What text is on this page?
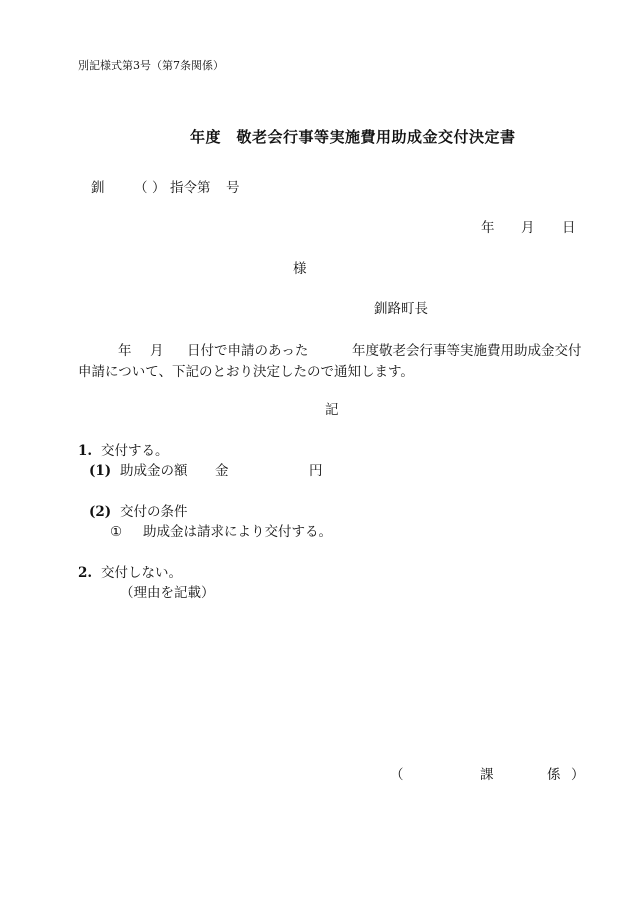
別記様式第3号（第7条関係）
年度　敬老会行事等実施費用助成金交付決定書
釧 （ ） 指令第 号
年 月 日
様
釧路町長
年 月 日付で申請のあった	年度敬老会行事等実施費用助成金交付
申請について、下記のとおり決定したので通知します。
記
1. 交付する。
(1) 助成金の額 金	円
(2) 交付の条件
① 助成金は請求により交付する。
2. 交付しない。
（理由を記載）
（	課	係 ）
